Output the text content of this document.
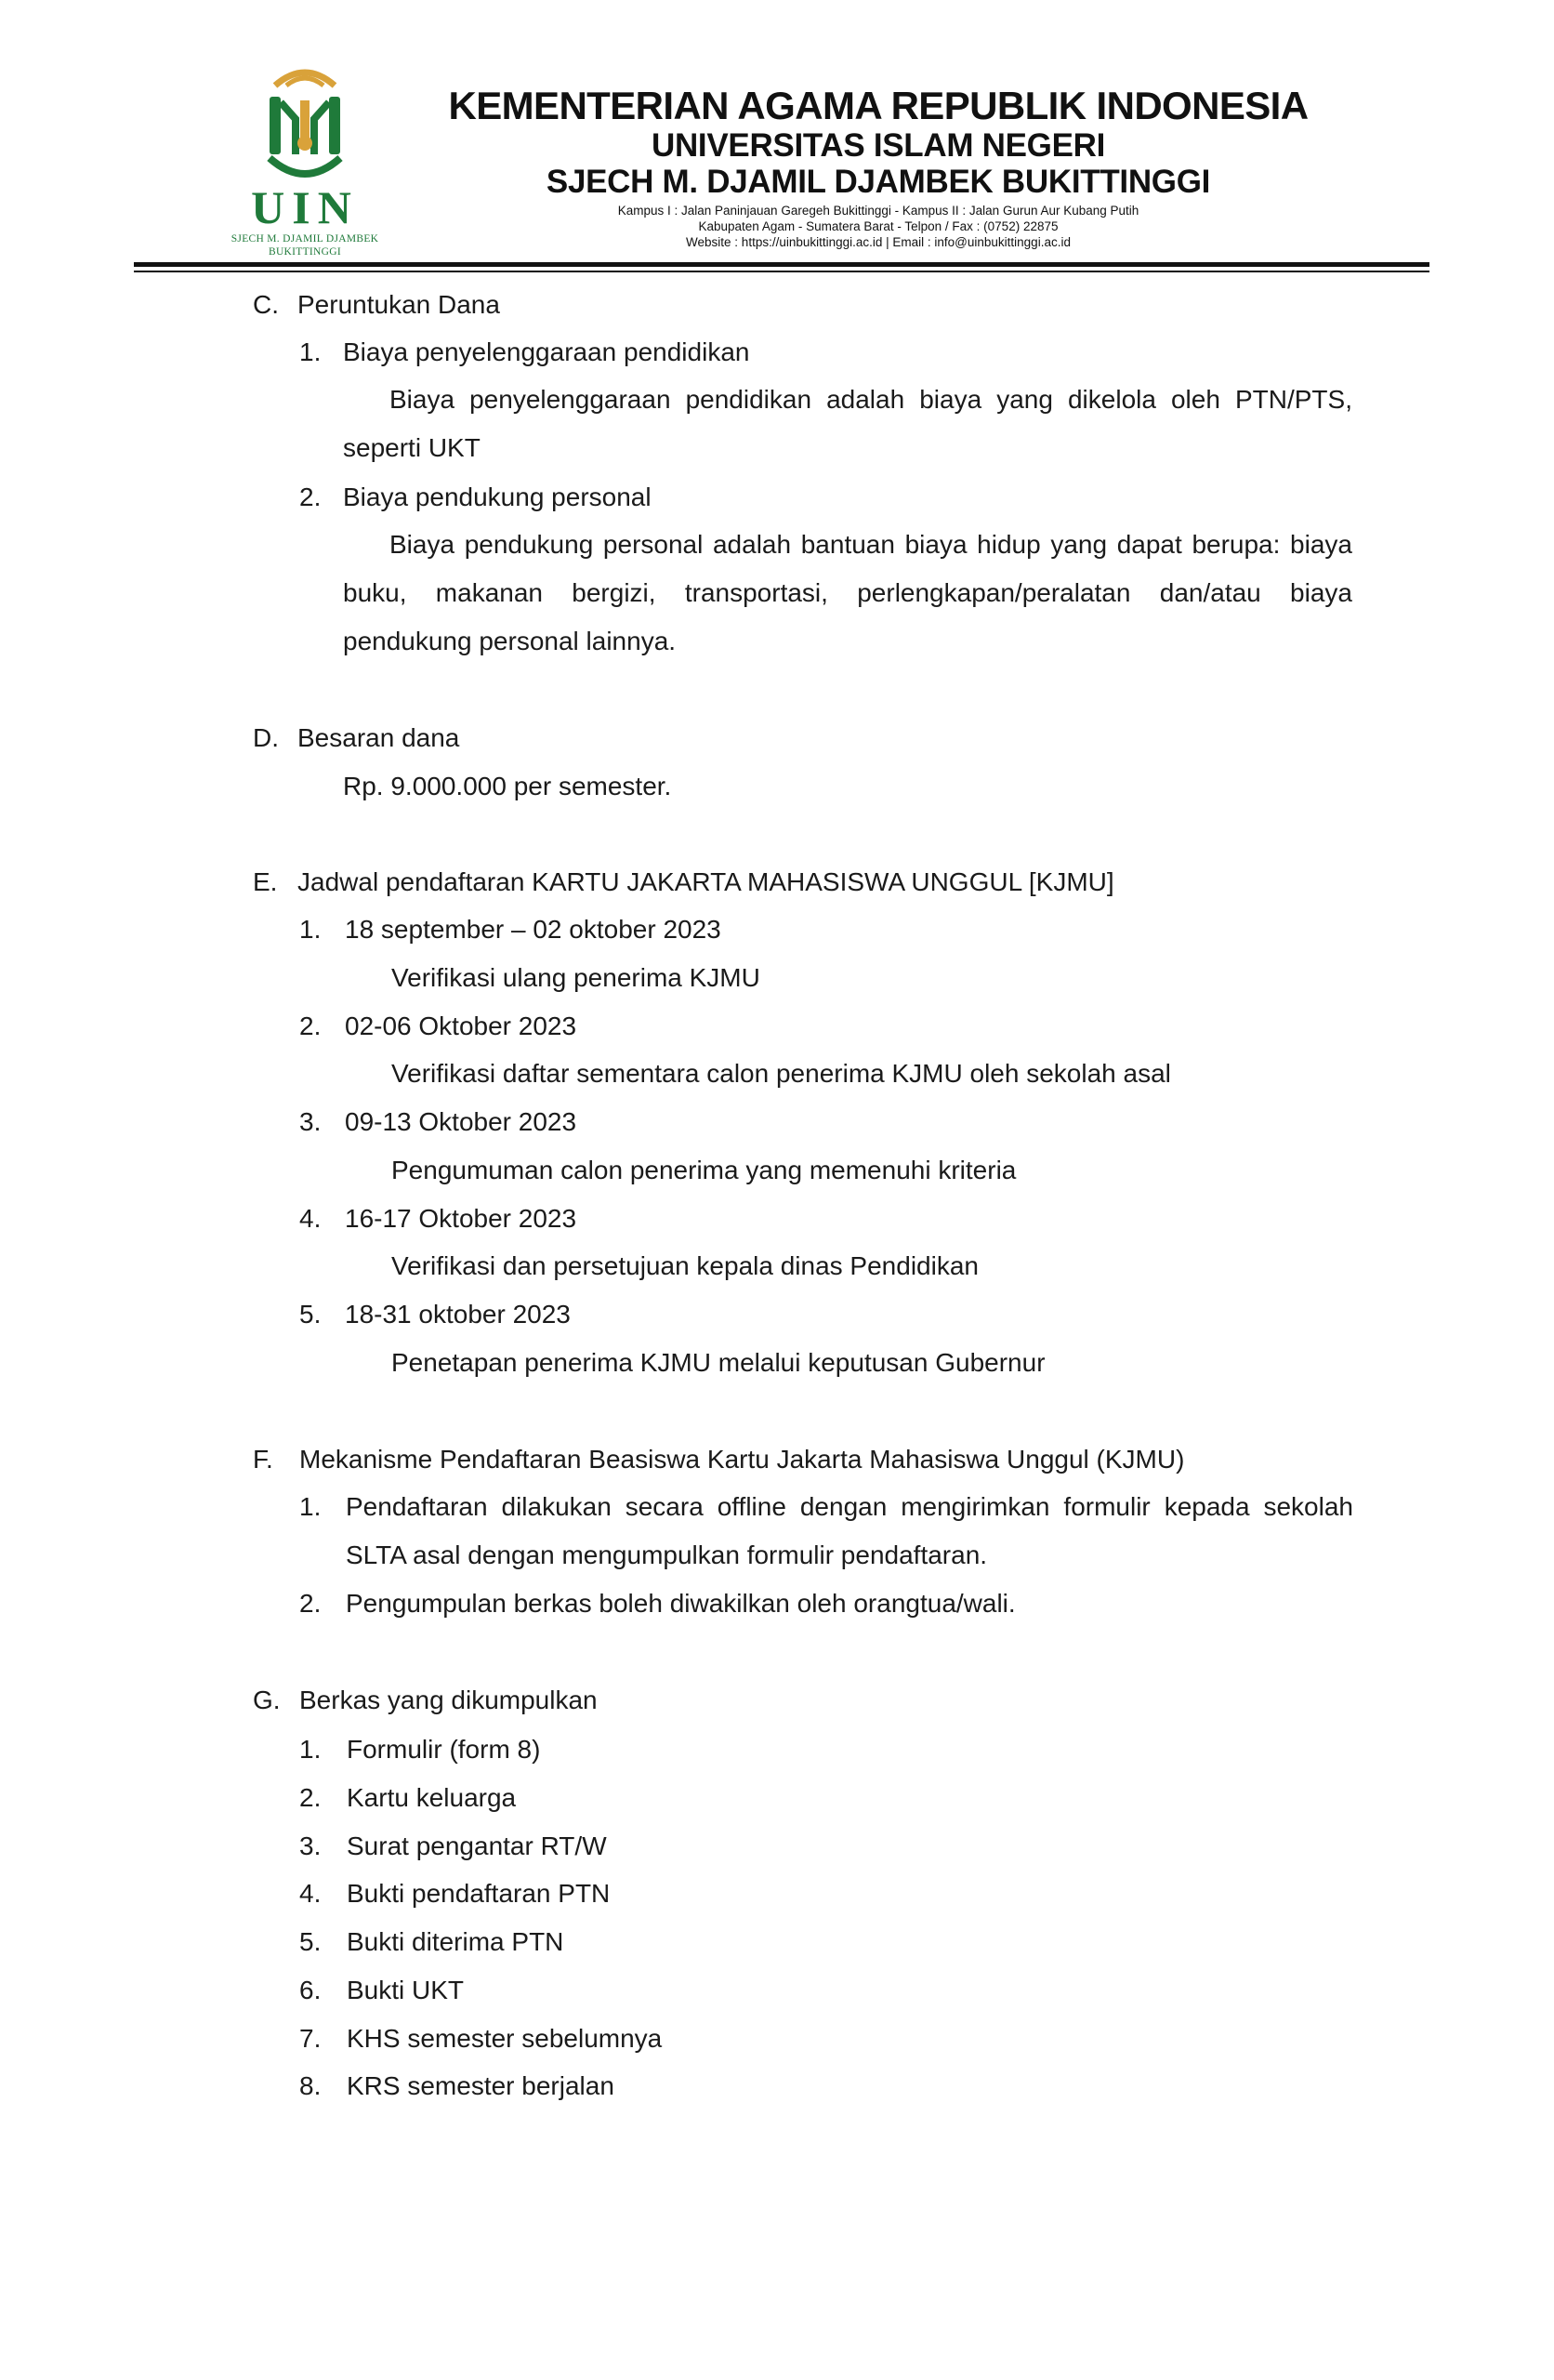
UIN
SJECH M. DJAMIL DJAMBEK
BUKITTINGGI
KEMENTERIAN AGAMA REPUBLIK INDONESIA
UNIVERSITAS ISLAM NEGERI
SJECH M. DJAMIL DJAMBEK BUKITTINGGI
Kampus I : Jalan Paninjauan Garegeh Bukittinggi - Kampus II : Jalan Gurun Aur Kubang Putih
Kabupaten Agam - Sumatera Barat - Telpon / Fax : (0752) 22875
Website : https://uinbukittinggi.ac.id | Email : info@uinbukittinggi.ac.id
C. Peruntukan Dana
1. Biaya penyelenggaraan pendidikan
Biaya penyelenggaraan pendidikan adalah biaya yang dikelola oleh PTN/PTS, seperti UKT
2. Biaya pendukung personal
Biaya pendukung personal adalah bantuan biaya hidup yang dapat berupa: biaya buku, makanan bergizi, transportasi, perlengkapan/peralatan dan/atau biaya pendukung personal lainnya.
D. Besaran dana
Rp. 9.000.000 per semester.
E. Jadwal pendaftaran KARTU JAKARTA MAHASISWA UNGGUL [KJMU]
1. 18 september – 02 oktober 2023
Verifikasi ulang penerima KJMU
2. 02-06 Oktober 2023
Verifikasi daftar sementara calon penerima KJMU oleh sekolah asal
3. 09-13 Oktober 2023
Pengumuman calon penerima yang memenuhi kriteria
4. 16-17 Oktober 2023
Verifikasi dan persetujuan kepala dinas Pendidikan
5. 18-31 oktober 2023
Penetapan penerima KJMU melalui keputusan Gubernur
F. Mekanisme Pendaftaran Beasiswa Kartu Jakarta Mahasiswa Unggul (KJMU)
1. Pendaftaran dilakukan secara offline dengan mengirimkan formulir kepada sekolah SLTA asal dengan mengumpulkan formulir pendaftaran.
2. Pengumpulan berkas boleh diwakilkan oleh orangtua/wali.
G. Berkas yang dikumpulkan
1. Formulir (form 8)
2. Kartu keluarga
3. Surat pengantar RT/W
4. Bukti pendaftaran PTN
5. Bukti diterima PTN
6. Bukti UKT
7. KHS semester sebelumnya
8. KRS semester berjalan
